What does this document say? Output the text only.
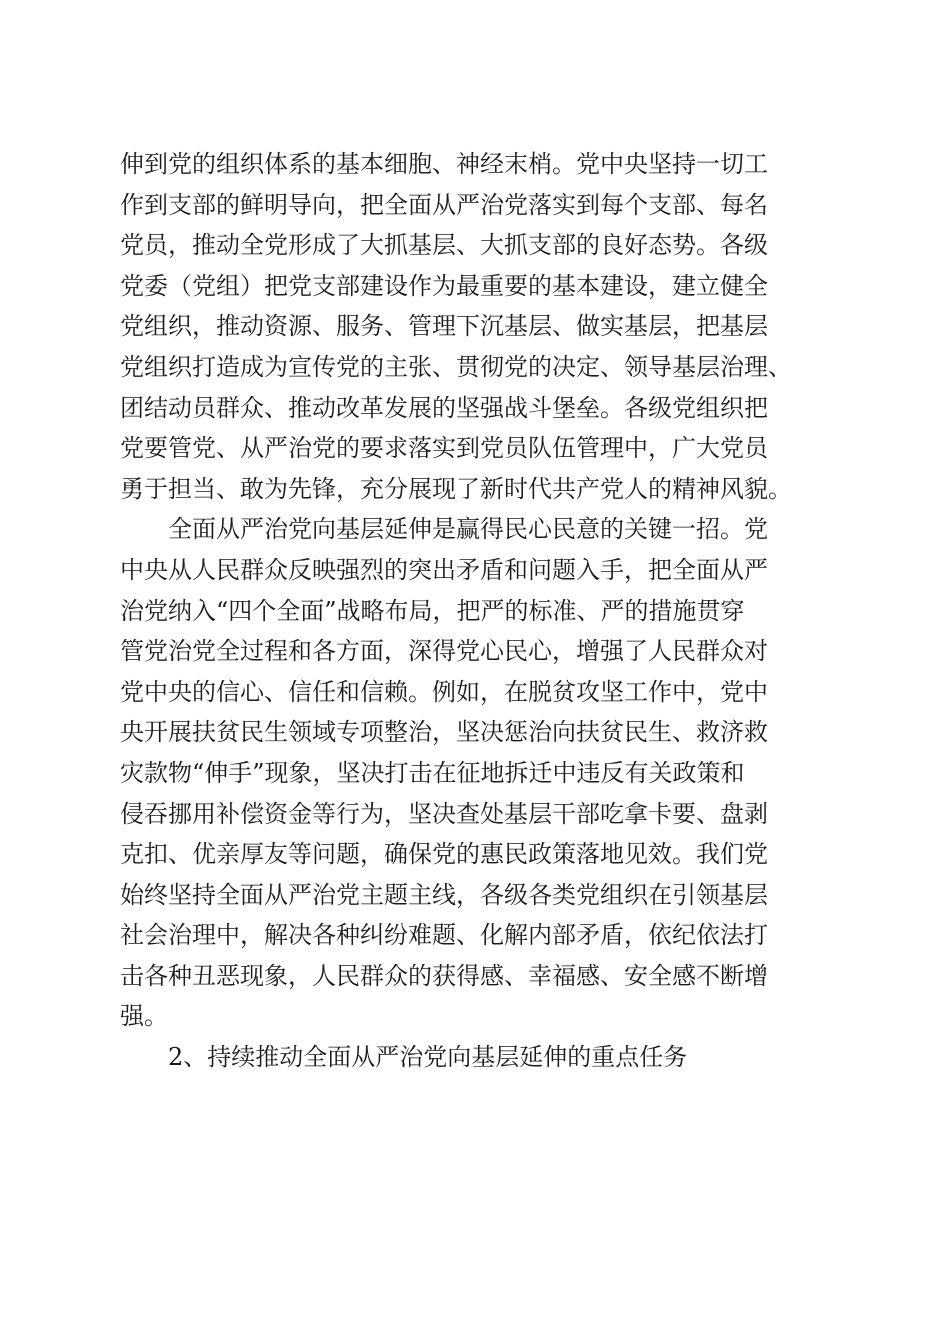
伸到党的组织体系的基本细胞、神经末梢。党中央坚持一切工
作到支部的鲜明导向，把全面从严治党落实到每个支部、每名
党员，推动全党形成了大抓基层、大抓支部的良好态势。各级
党委（党组）把党支部建设作为最重要的基本建设，建立健全
党组织，推动资源、服务、管理下沉基层、做实基层，把基层
党组织打造成为宣传党的主张、贯彻党的决定、领导基层治理、
团结动员群众、推动改革发展的坚强战斗堡垒。各级党组织把
党要管党、从严治党的要求落实到党员队伍管理中，广大党员
勇于担当、敢为先锋，充分展现了新时代共产党人的精神风貌。
全面从严治党向基层延伸是赢得民心民意的关键一招。党
中央从人民群众反映强烈的突出矛盾和问题入手，把全面从严
治党纳入“四个全面”战略布局，把严的标准、严的措施贯穿
管党治党全过程和各方面，深得党心民心，增强了人民群众对
党中央的信心、信任和信赖。例如，在脱贫攻坚工作中，党中
央开展扶贫民生领域专项整治，坚决惩治向扶贫民生、救济救
灾款物“伸手”现象，坚决打击在征地拆迁中违反有关政策和
侵吞挪用补偿资金等行为，坚决查处基层干部吃拿卡要、盘剥
克扣、优亲厚友等问题，确保党的惠民政策落地见效。我们党
始终坚持全面从严治党主题主线，各级各类党组织在引领基层
社会治理中，解决各种纠纷难题、化解内部矛盾，依纪依法打
击各种丑恶现象，人民群众的获得感、幸福感、安全感不断增
强。
2、持续推动全面从严治党向基层延伸的重点任务
